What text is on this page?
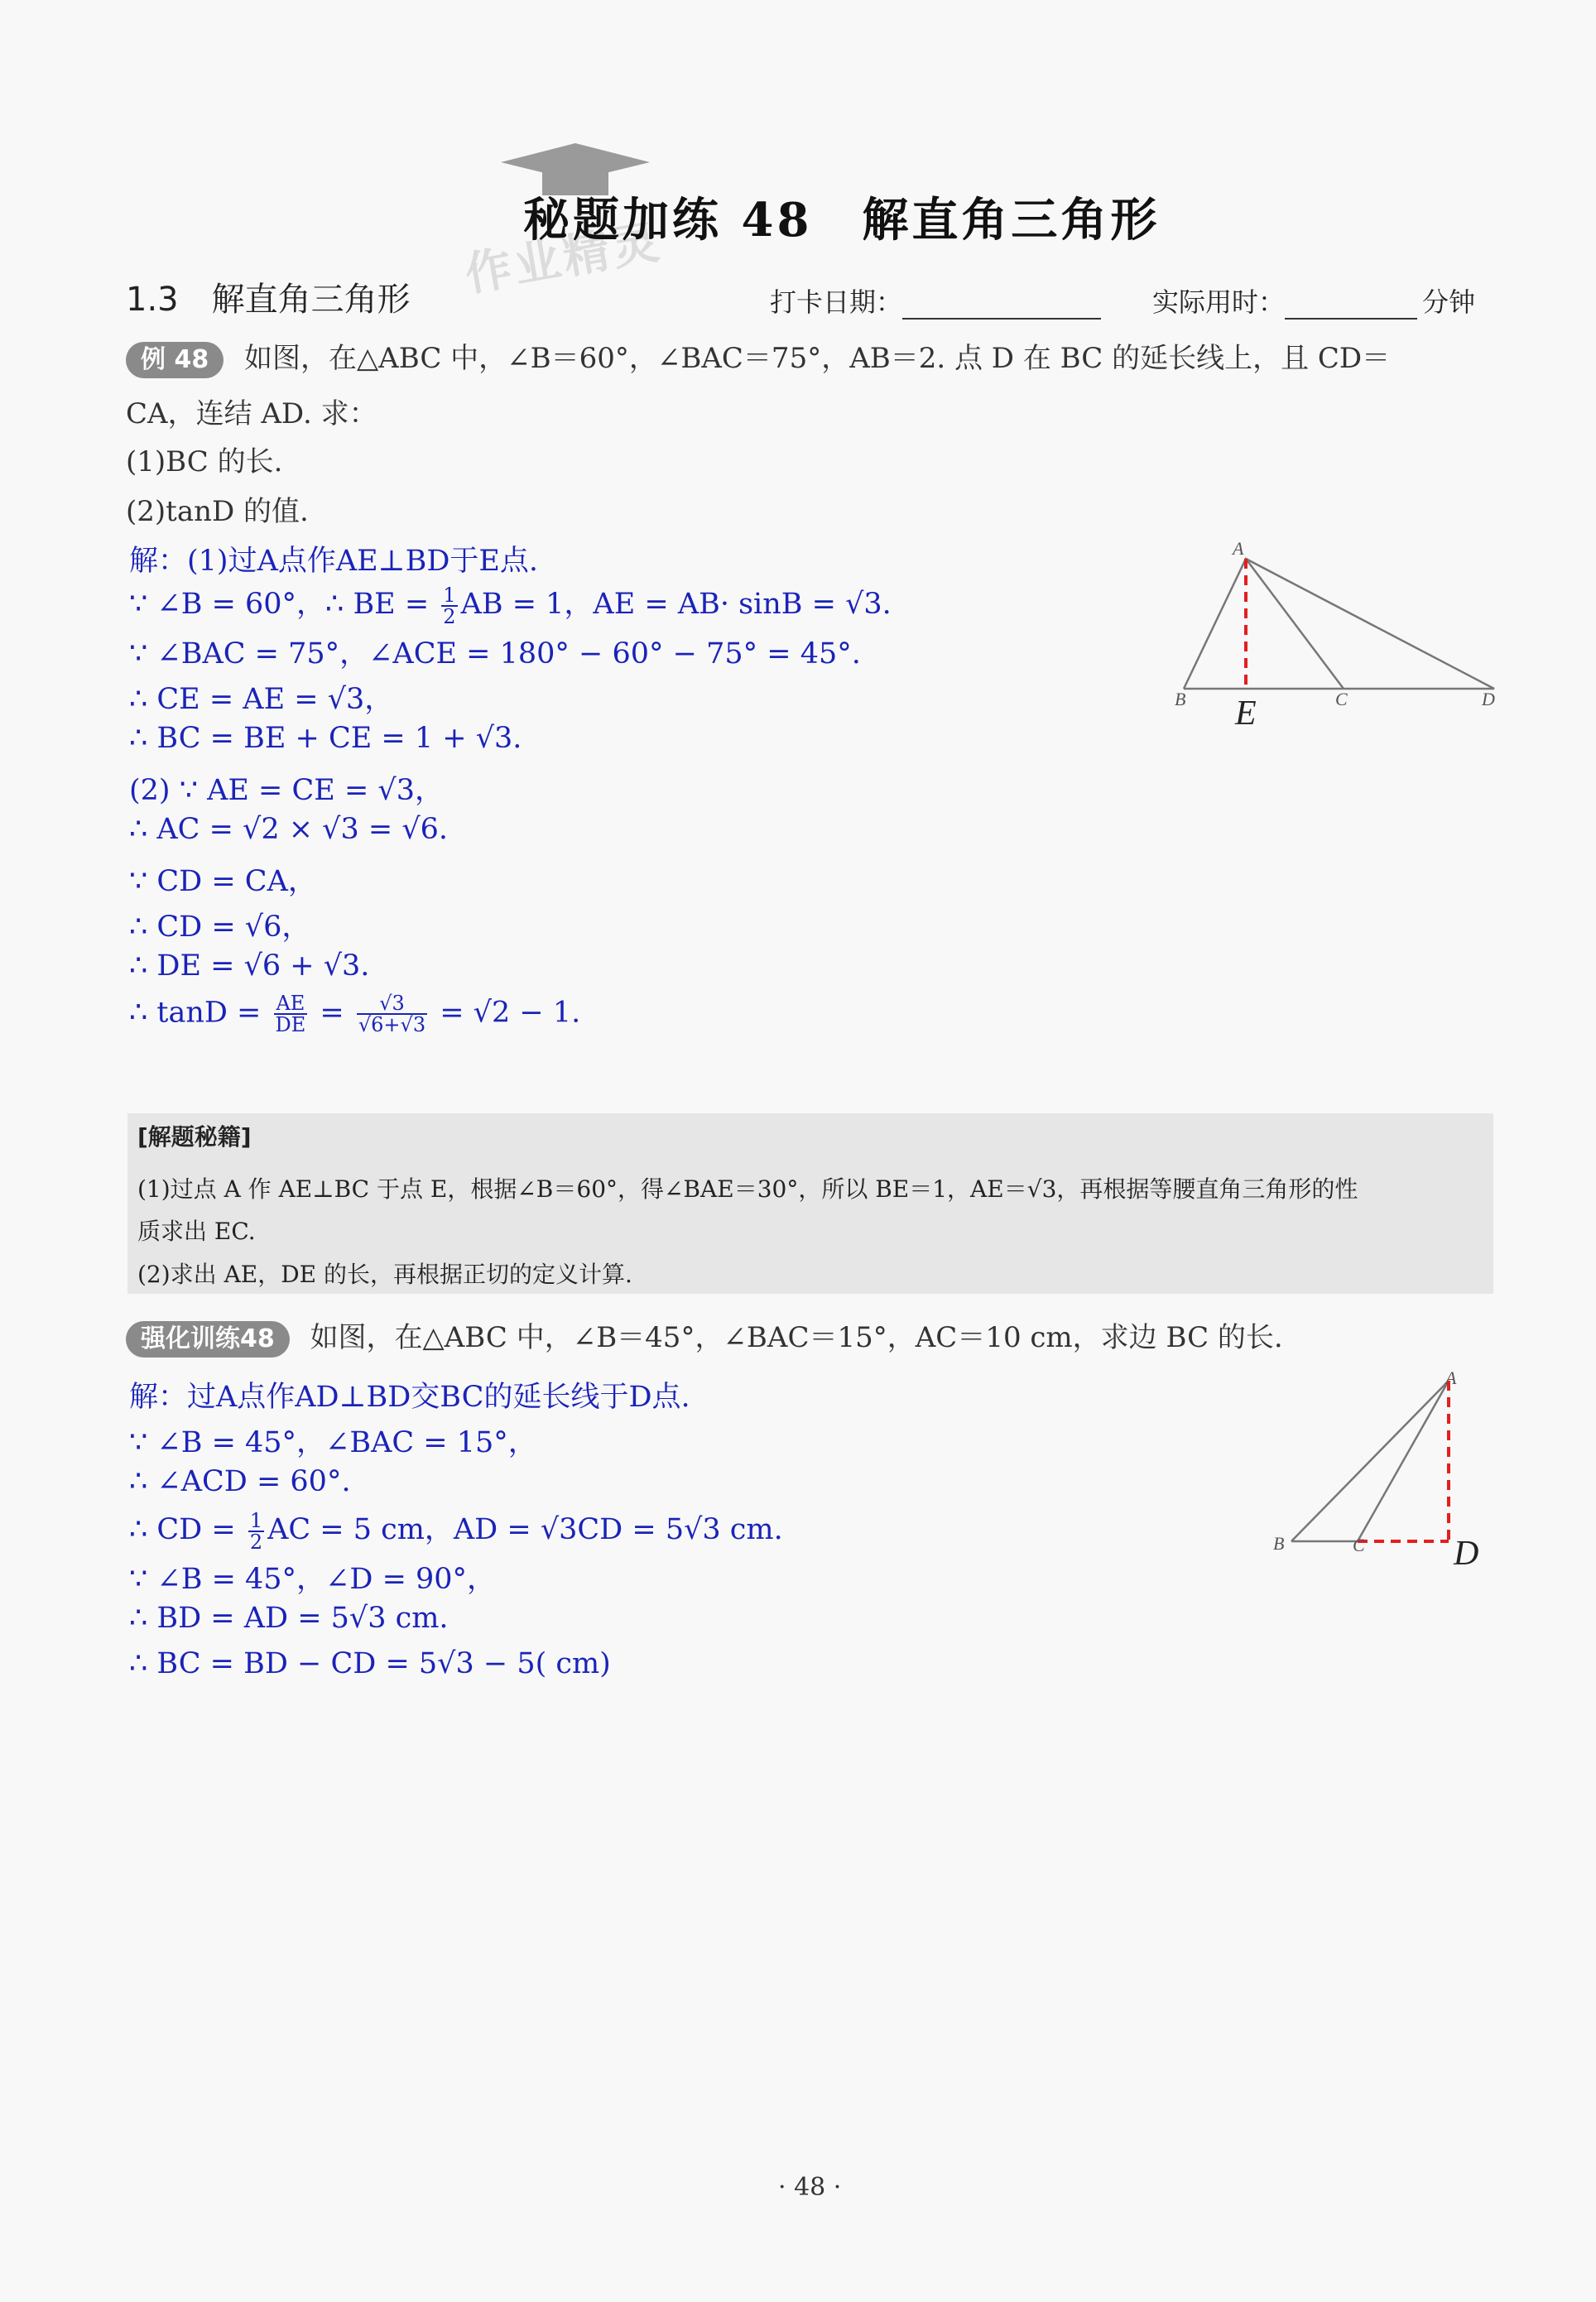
作业精灵
秘题加练 48　解直角三角形
1.3　解直角三角形	打卡日期：	实际用时：	分钟
例 48 如图，在△ABC 中，∠B＝60°，∠BAC＝75°，AB＝2. 点 D 在 BC 的延长线上，且 CD＝
CA，连结 AD. 求：
(1)BC 的长.
(2)tanD 的值.
解：(1)过A点作AE⊥BD于E点.
∵ ∠B = 60°，∴ BE = $\frac{1}{2}$ AB = 1，AE = AB· sinB = √3.
∵ ∠BAC = 75°，∠ACE = 180° − 60° − 75° = 45°.
∴ CE = AE = √3，
∴ BC = BE + CE = 1 + √3.
(2) ∵ AE = CE = √3，
∴ AC = √2 × √3 = √6.
∵ CD = CA，
∴ CD = √6，
∴ DE = √6 + √3.
∴ $\tan D = \frac{AE}{DE} = \frac{√3}{√6+√3} = √2 - 1$.
A
B	C	D
E
[解题秘籍]
(1)过点 A 作 AE⊥BC 于点 E，根据∠B＝60°，得∠BAE＝30°，所以 BE＝1，AE＝√3，再根据等腰直角三角形的性
质求出 EC.
(2)求出 AE，DE 的长，再根据正切的定义计算.
强化训练48 如图，在△ABC 中，∠B＝45°，∠BAC＝15°，AC＝10 cm，求边 BC 的长.
解：过A点作AD⊥BD交BC的延长线于D点.
∵ ∠B = 45°，∠BAC = 15°，
∴ ∠ACD = 60°.
∴ CD = $\frac{1}{2}$ AC = 5 cm，AD = √3CD = 5√3 cm.
∵ ∠B = 45°，∠D = 90°，
∴ BD = AD = 5√3 cm.
∴ BC = BD − CD = 5√3 − 5( cm)
A
B	C	D
· 48 ·
